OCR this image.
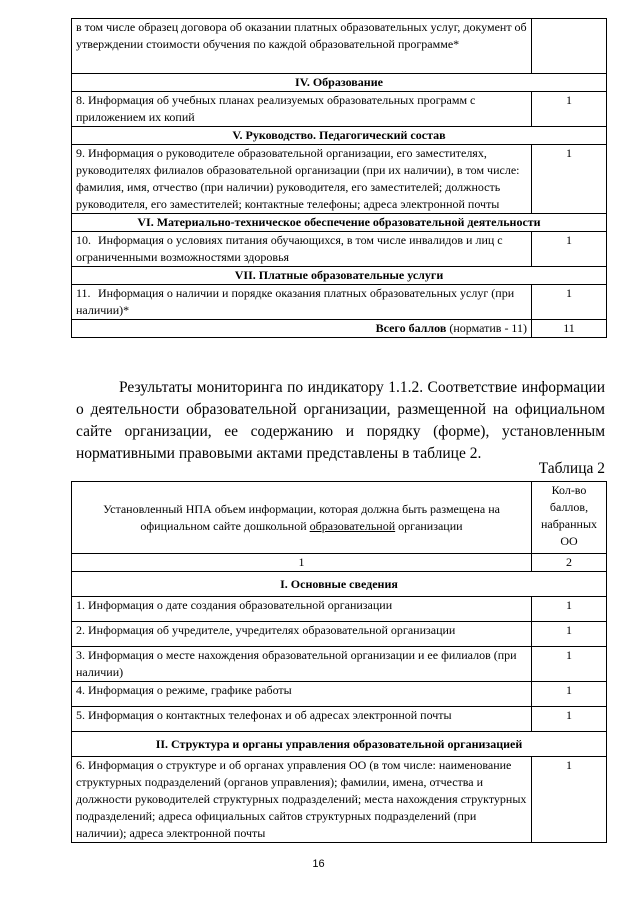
в том числе образец договора об оказании платных образовательных услуг, документ об утверждении стоимости обучения по каждой образовательной программе*	
IV. Образование	
8. Информация об учебных планах реализуемых образовательных программ с приложением их копий	1
V. Руководство. Педагогический состав	
9. Информация о руководителе образовательной организации, его заместителях, руководителях филиалов образовательной организации (при их наличии), в том числе: фамилия, имя, отчество (при наличии) руководителя, его заместителей; должность руководителя, его заместителей; контактные телефоны; адреса электронной почты	1
VI. Материально-техническое обеспечение образовательной деятельности	
10. Информация о условиях питания обучающихся, в том числе инвалидов и лиц с ограниченными возможностями здоровья	1
VII. Платные образовательные услуги	
11. Информация о наличии и порядке оказания платных образовательных услуг (при наличии)*	1
Всего баллов (норматив - 11)	11

Результаты мониторинга по индикатору 1.1.2. Соответствие информации о деятельности образовательной организации, размещенной на официальном сайте организации, ее содержанию и порядку (форме), установленным нормативными правовыми актами представлены в таблице 2.

Таблица 2

Установленный НПА объем информации, которая должна быть размещена на официальном сайте дошкольной образовательной организации	Кол-во баллов, набранных ОО
1	2
I. Основные сведения	
1. Информация о дате создания образовательной организации	1
2. Информация об учредителе, учредителях образовательной организации	1
3. Информация о месте нахождения образовательной организации и ее филиалов (при наличии)	1
4. Информация о режиме, графике работы	1
5. Информация о контактных телефонах и об адресах электронной почты	1
II. Структура и органы управления образовательной организацией	
6. Информация о структуре и об органах управления ОО (в том числе: наименование структурных подразделений (органов управления); фамилии, имена, отчества и должности руководителей структурных подразделений; места нахождения структурных подразделений; адреса официальных сайтов структурных подразделений (при наличии); адреса электронной почты	1

16
